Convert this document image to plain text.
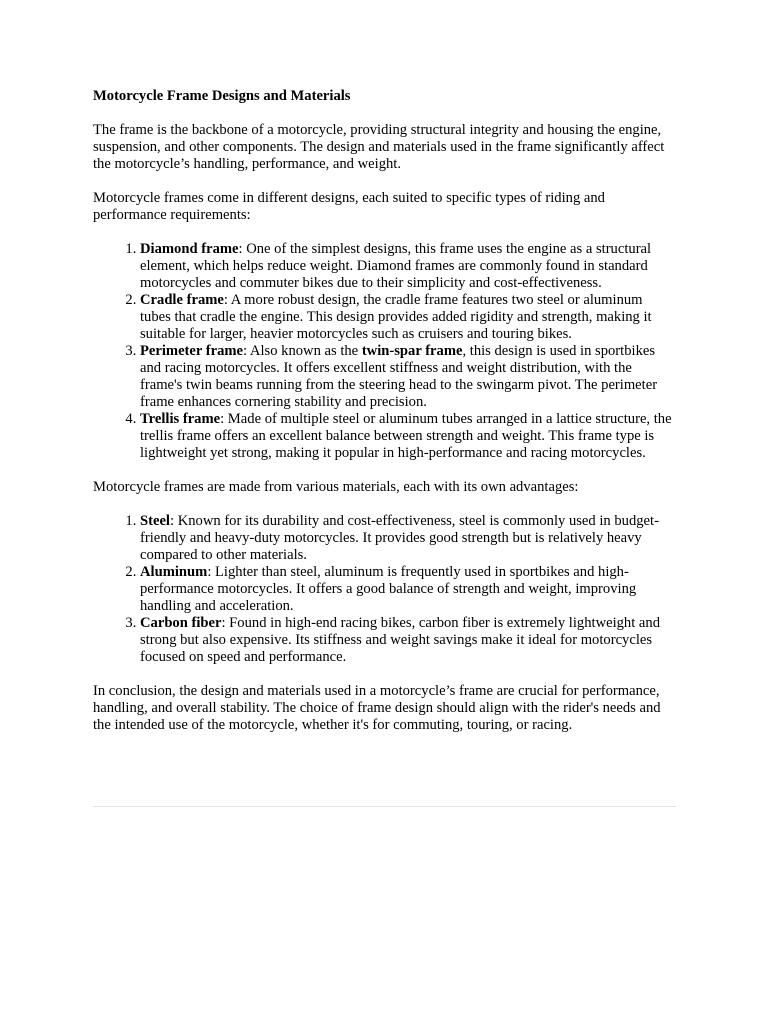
Motorcycle Frame Designs and Materials

The frame is the backbone of a motorcycle, providing structural integrity and housing the engine, suspension, and other components. The design and materials used in the frame significantly affect the motorcycle’s handling, performance, and weight.

Motorcycle frames come in different designs, each suited to specific types of riding and performance requirements:

1. Diamond frame: One of the simplest designs, this frame uses the engine as a structural element, which helps reduce weight. Diamond frames are commonly found in standard motorcycles and commuter bikes due to their simplicity and cost-effectiveness.
2. Cradle frame: A more robust design, the cradle frame features two steel or aluminum tubes that cradle the engine. This design provides added rigidity and strength, making it suitable for larger, heavier motorcycles such as cruisers and touring bikes.
3. Perimeter frame: Also known as the twin-spar frame, this design is used in sportbikes and racing motorcycles. It offers excellent stiffness and weight distribution, with the frame's twin beams running from the steering head to the swingarm pivot. The perimeter frame enhances cornering stability and precision.
4. Trellis frame: Made of multiple steel or aluminum tubes arranged in a lattice structure, the trellis frame offers an excellent balance between strength and weight. This frame type is lightweight yet strong, making it popular in high-performance and racing motorcycles.

Motorcycle frames are made from various materials, each with its own advantages:

1. Steel: Known for its durability and cost-effectiveness, steel is commonly used in budget-friendly and heavy-duty motorcycles. It provides good strength but is relatively heavy compared to other materials.
2. Aluminum: Lighter than steel, aluminum is frequently used in sportbikes and high-performance motorcycles. It offers a good balance of strength and weight, improving handling and acceleration.
3. Carbon fiber: Found in high-end racing bikes, carbon fiber is extremely lightweight and strong but also expensive. Its stiffness and weight savings make it ideal for motorcycles focused on speed and performance.

In conclusion, the design and materials used in a motorcycle’s frame are crucial for performance, handling, and overall stability. The choice of frame design should align with the rider's needs and the intended use of the motorcycle, whether it's for commuting, touring, or racing.
